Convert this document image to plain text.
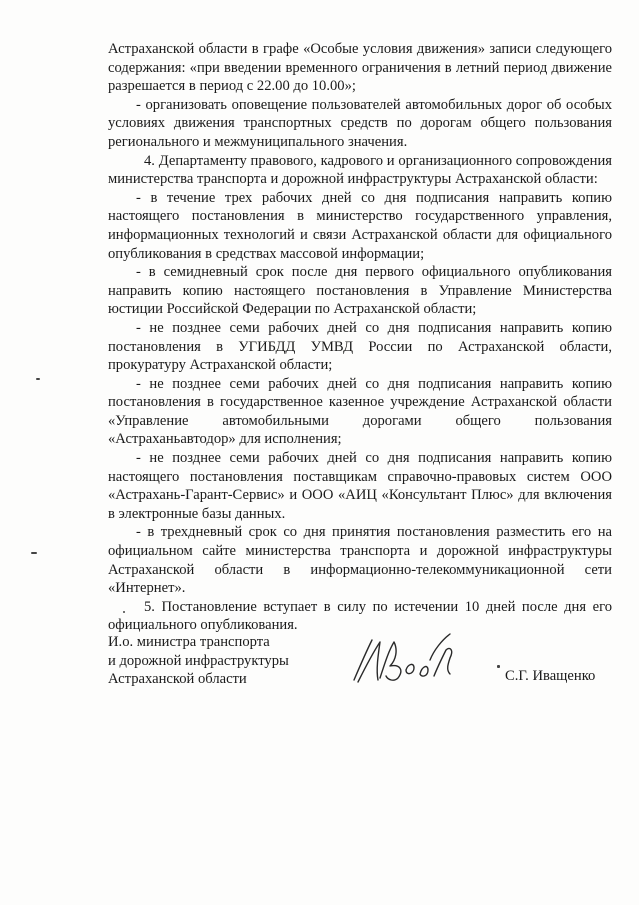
Астраханской области в графе «Особые условия движения» записи следующего содержания: «при введении временного ограничения в летний период движение разрешается в период с 22.00 до 10.00»;

- организовать оповещение пользователей автомобильных дорог об особых условиях движения транспортных средств по дорогам общего пользования регионального и межмуниципального значения.

4. Департаменту правового, кадрового и организационного сопровождения министерства транспорта и дорожной инфраструктуры Астраханской области:

- в течение трех рабочих дней со дня подписания направить копию настоящего постановления в министерство государственного управления, информационных технологий и связи Астраханской области для официального опубликования в средствах массовой информации;

- в семидневный срок после дня первого официального опубликования направить копию настоящего постановления в Управление Министерства юстиции Российской Федерации по Астраханской области;

- не позднее семи рабочих дней со дня подписания направить копию постановления в УГИБДД УМВД России по Астраханской области, прокуратуру Астраханской области;

- не позднее семи рабочих дней со дня подписания направить копию постановления в государственное казенное учреждение Астраханской области «Управление автомобильными дорогами общего пользования «Астраханьавтодор» для исполнения;

- не позднее семи рабочих дней со дня подписания направить копию настоящего постановления поставщикам справочно-правовых систем ООО «Астрахань-Гарант-Сервис» и ООО «АИЦ «Консультант Плюс» для включения в электронные базы данных.

- в трехдневный срок со дня принятия постановления разместить его на официальном сайте министерства транспорта и дорожной инфраструктуры Астраханской области в информационно-телекоммуникационной сети «Интернет».

5. Постановление вступает в силу по истечении 10 дней после дня его официального опубликования.

И.о. министра транспорта
и дорожной инфраструктуры
Астраханской области	С.Г. Иващенко
